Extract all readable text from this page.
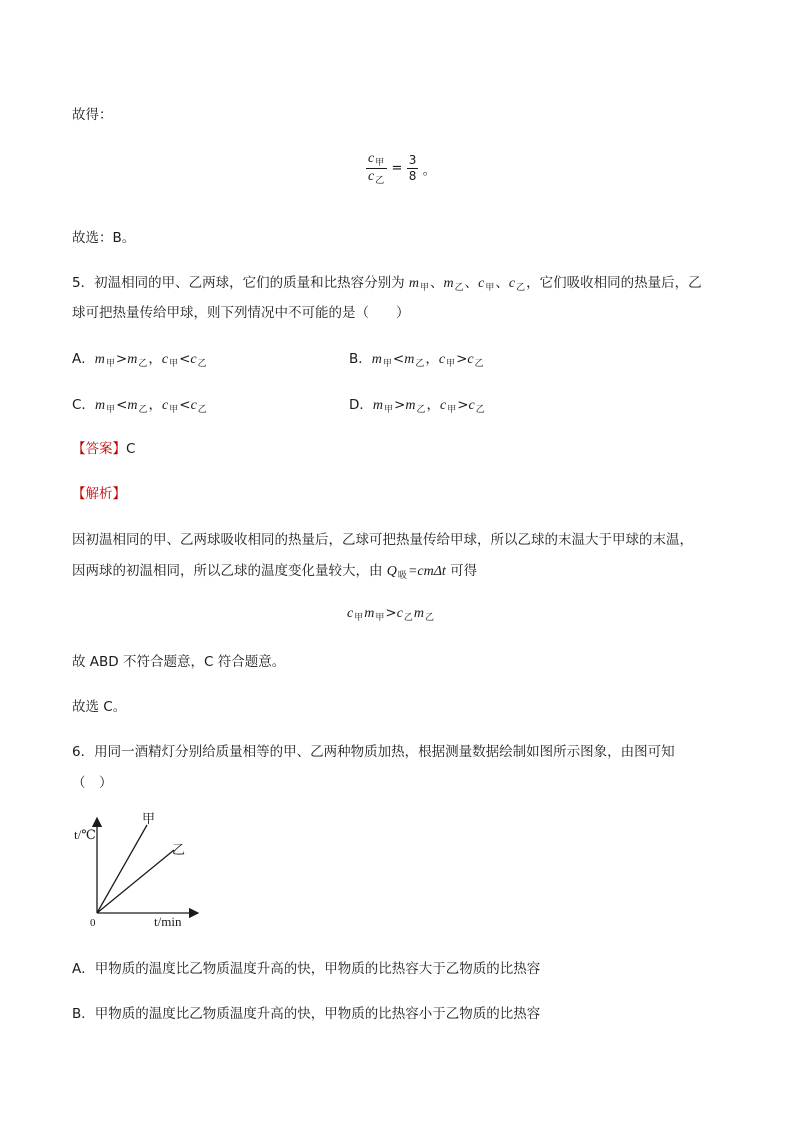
故得：
$\frac{c_甲}{c_乙} = \frac{3}{8}$ 。
故选：B。
5．初温相同的甲、乙两球，它们的质量和比热容分别为 $m_甲$、$m_乙$、$c_甲$、$c_乙$，它们吸收相同的热量后，乙
球可把热量传给甲球，则下列情况中不可能的是（　　）
A．$m_甲>m_乙$，$c_甲<c_乙$	B．$m_甲<m_乙$，$c_甲>c_乙$
C．$m_甲<m_乙$，$c_甲<c_乙$	D．$m_甲>m_乙$，$c_甲>c_乙$
【答案】C
【解析】
因初温相同的甲、乙两球吸收相同的热量后，乙球可把热量传给甲球，所以乙球的末温大于甲球的末温，
因两球的初温相同，所以乙球的温度变化量较大，由 $Q_吸=cm\Delta t$ 可得
$c_甲m_甲>c_乙m_乙$
故 ABD 不符合题意，C 符合题意。
故选 C。
6．用同一酒精灯分别给质量相等的甲、乙两种物质加热，根据测量数据绘制如图所示图象，由图可知
（　）
t/℃
t/min
0
甲
乙
A．甲物质的温度比乙物质温度升高的快，甲物质的比热容大于乙物质的比热容
B．甲物质的温度比乙物质温度升高的快，甲物质的比热容小于乙物质的比热容
